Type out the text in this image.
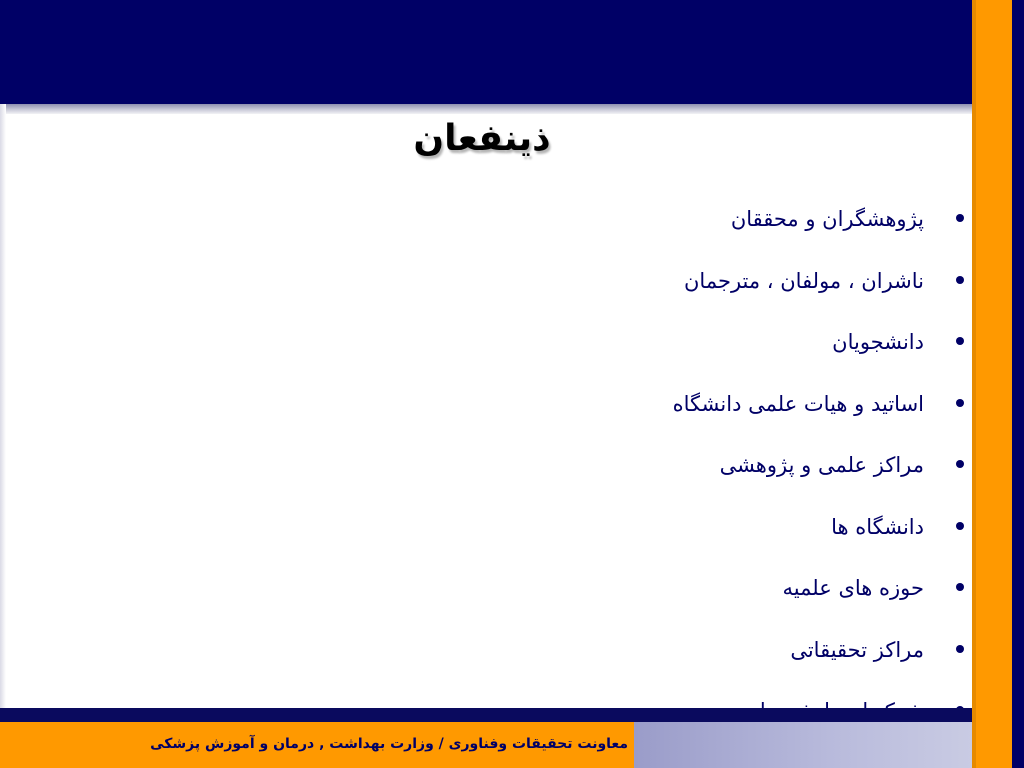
ذینفعان
پژوهشگران و محققان
ناشران ، مولفان ، مترجمان
دانشجویان
اساتید و هیات علمی دانشگاه
مراکز علمی و پژوهشی
دانشگاه ها
حوزه های علمیه
مراکز تحقیقاتی
معاونت تحقیقات وفناوری / وزارت بهداشت , درمان و آموزش پزشکی
